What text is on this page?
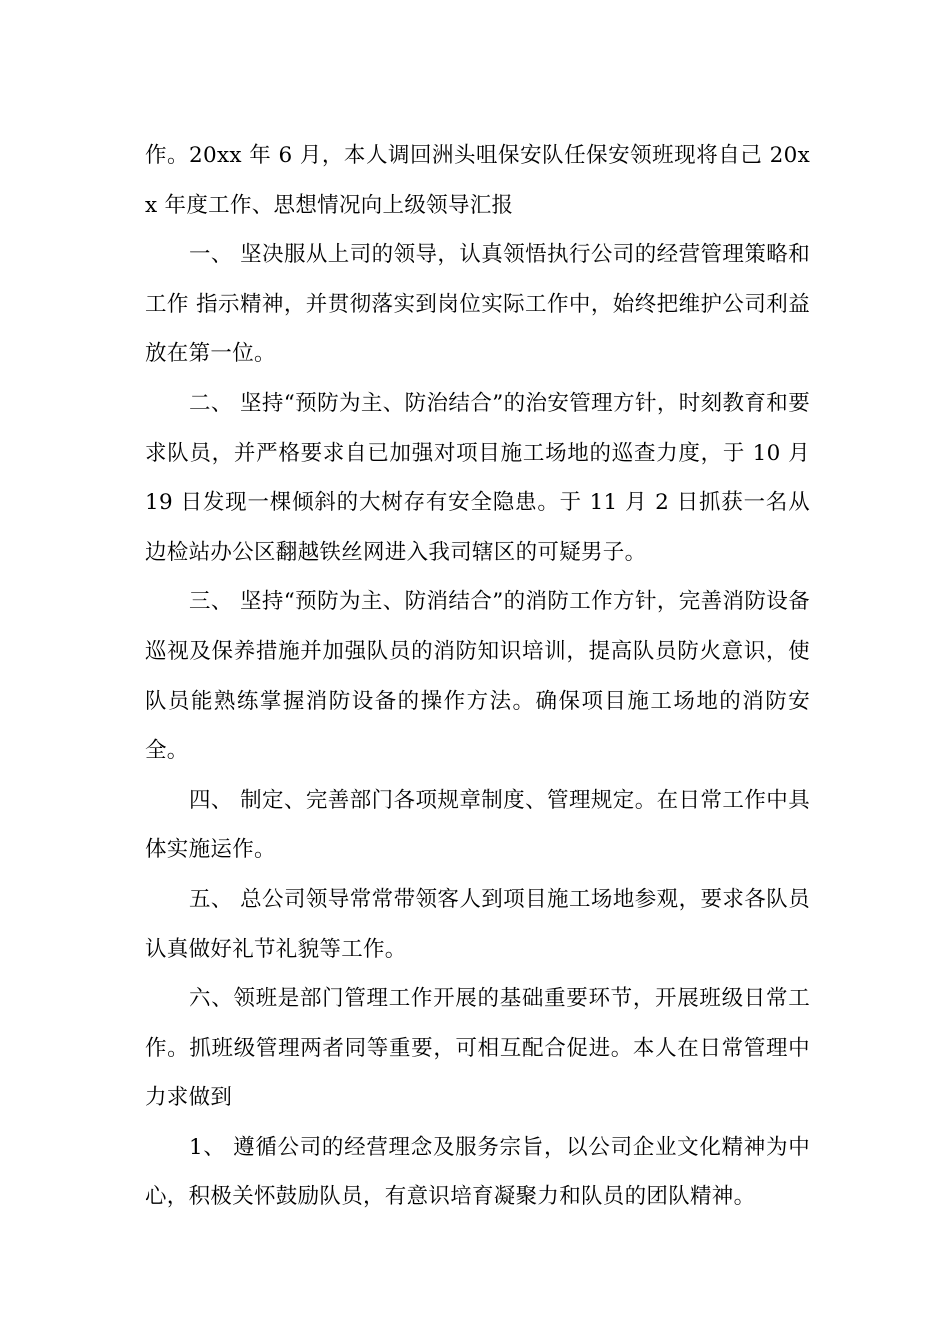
作。20xx 年 6 月，本人调回洲头咀保安队任保安领班现将自己 20xx 年度工作、思想情况向上级领导汇报

一、 坚决服从上司的领导，认真领悟执行公司的经营管理策略和工作 指示精神，并贯彻落实到岗位实际工作中，始终把维护公司利益放在第一位。

二、 坚持“预防为主、防治结合”的治安管理方针，时刻教育和要求队员，并严格要求自已加强对项目施工场地的巡查力度，于 10 月 19 日发现一棵倾斜的大树存有安全隐患。于 11 月 2 日抓获一名从边检站办公区翻越铁丝网进入我司辖区的可疑男子。

三、 坚持“预防为主、防消结合”的消防工作方针，完善消防设备巡视及保养措施并加强队员的消防知识培训，提高队员防火意识，使队员能熟练掌握消防设备的操作方法。确保项目施工场地的消防安全。

四、 制定、完善部门各项规章制度、管理规定。在日常工作中具体实施运作。

五、 总公司领导常常带领客人到项目施工场地参观，要求各队员认真做好礼节礼貌等工作。

六、领班是部门管理工作开展的基础重要环节，开展班级日常工作。抓班级管理两者同等重要，可相互配合促进。本人在日常管理中力求做到

1、 遵循公司的经营理念及服务宗旨，以公司企业文化精神为中心，积极关怀鼓励队员，有意识培育凝聚力和队员的团队精神。
